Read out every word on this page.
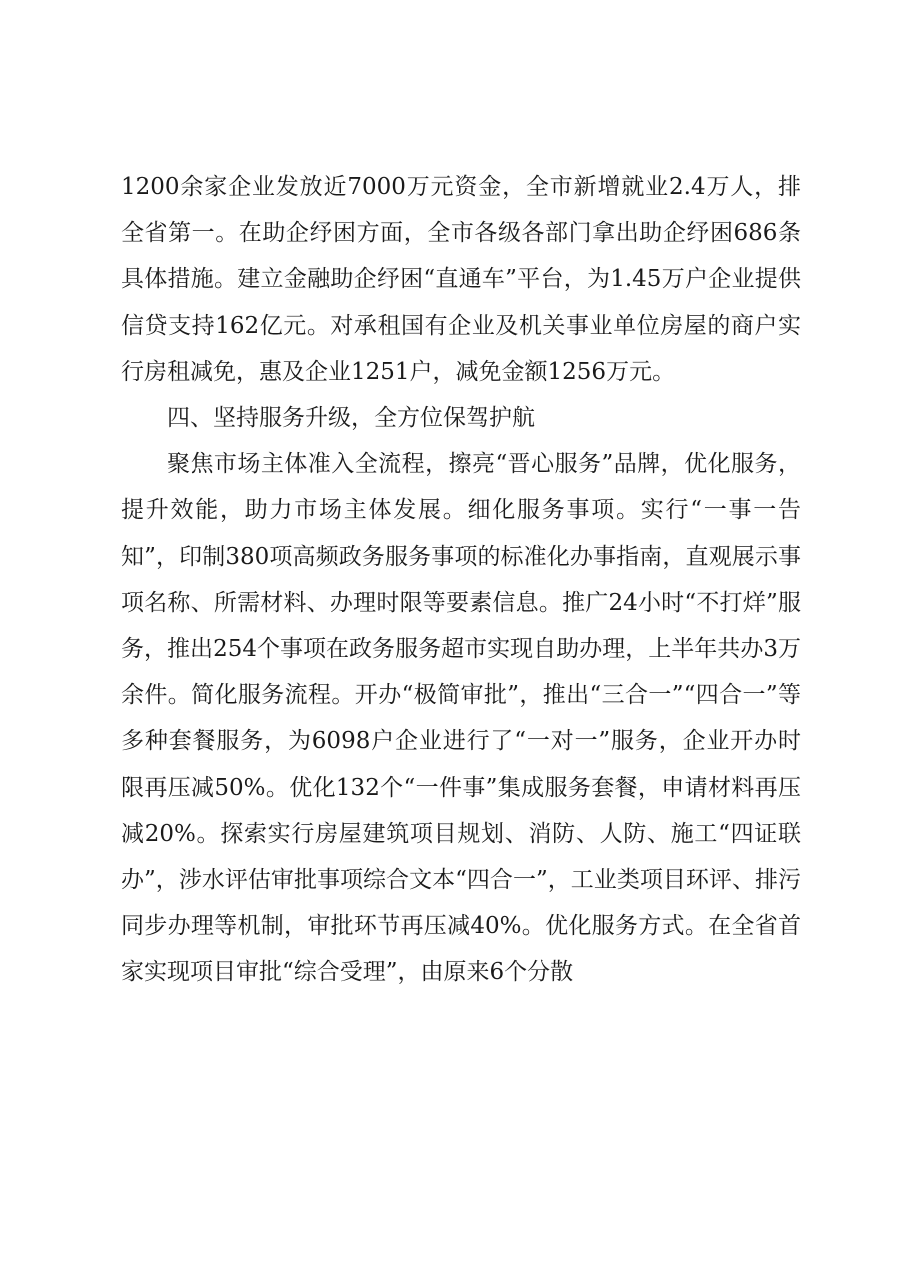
1200余家企业发放近7000万元资金，全市新增就业2.4万人，排全省第一。在助企纾困方面，全市各级各部门拿出助企纾困686条具体措施。建立金融助企纾困“直通车”平台，为1.45万户企业提供信贷支持162亿元。对承租国有企业及机关事业单位房屋的商户实行房租减免，惠及企业1251户，减免金额1256万元。

四、坚持服务升级，全方位保驾护航

聚焦市场主体准入全流程，擦亮“晋心服务”品牌，优化服务，提升效能，助力市场主体发展。细化服务事项。实行“一事一告知”，印制380项高频政务服务事项的标准化办事指南，直观展示事项名称、所需材料、办理时限等要素信息。推广24小时“不打烊”服务，推出254个事项在政务服务超市实现自助办理，上半年共办3万余件。简化服务流程。开办“极简审批”，推出“三合一”“四合一”等多种套餐服务，为6098户企业进行了“一对一”服务，企业开办时限再压减50%。优化132个“一件事”集成服务套餐，申请材料再压减20%。探索实行房屋建筑项目规划、消防、人防、施工“四证联办”，涉水评估审批事项综合文本“四合一”，工业类项目环评、排污同步办理等机制，审批环节再压减40%。优化服务方式。在全省首家实现项目审批“综合受理”，由原来6个分散
